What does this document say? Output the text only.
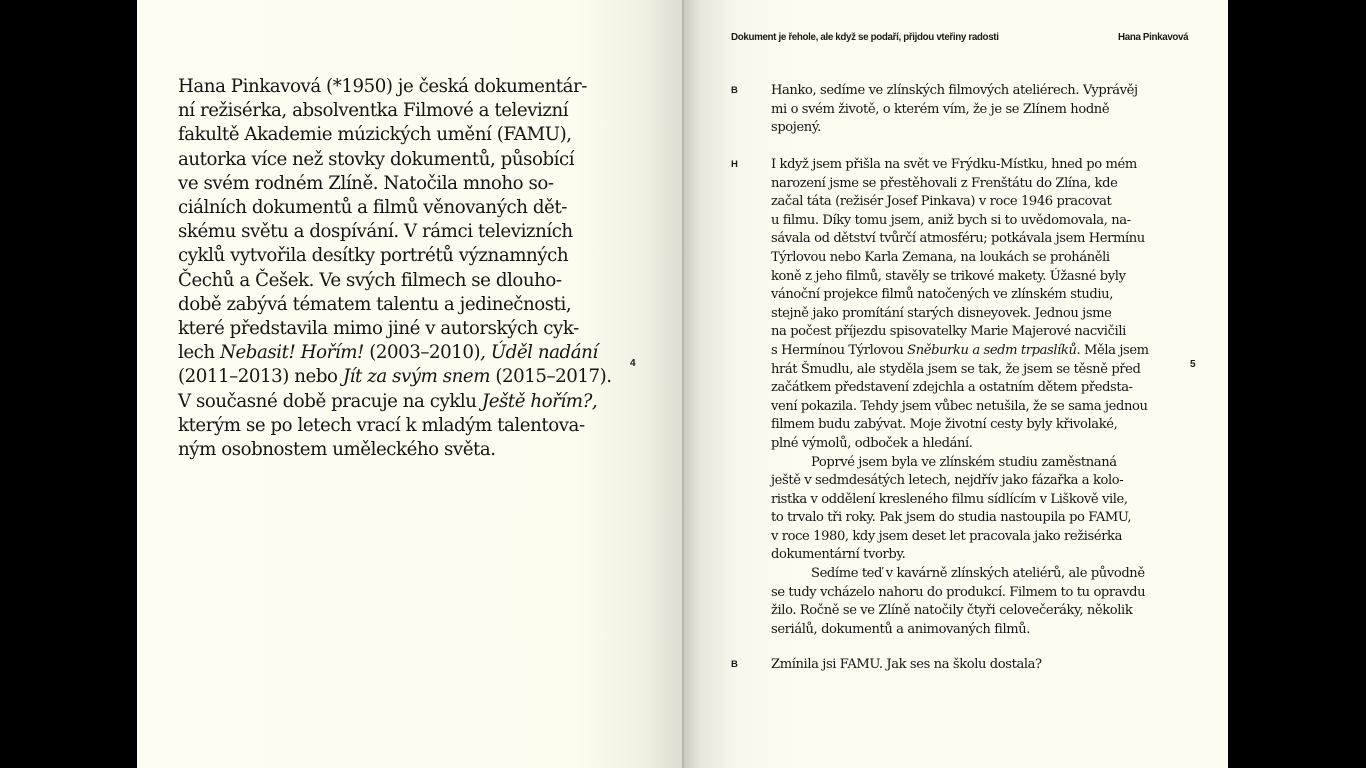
Hana Pinkavová (*1950) je česká dokumentár-
ní režisérka, absolventka Filmové a televizní
fakultě Akademie múzických umění (FAMU),
autorka více než stovky dokumentů, působící
ve svém rodném Zlíně. Natočila mnoho so-
ciálních dokumentů a filmů věnovaných dět-
skému světu a dospívání. V rámci televizních
cyklů vytvořila desítky portrétů významných
Čechů a Češek. Ve svých filmech se dlouho-
době zabývá tématem talentu a jedinečnosti,
které představila mimo jiné v autorských cyk-
lech Nebasit! Hořím! (2003–2010), Úděl nadání
(2011–2013) nebo Jít za svým snem (2015–2017).
V současné době pracuje na cyklu Ještě hořím?,
kterým se po letech vrací k mladým talentova-
ným osobnostem uměleckého světa.

4
Dokument je řehole, ale když se podaří, přijdou vteřiny radosti	Hana Pinkavová
B	Hanko, sedíme ve zlínských filmových ateliérech. Vyprávěj
mi o svém životě, o kterém vím, že je se Zlínem hodně
spojený.

H	I když jsem přišla na svět ve Frýdku-Místku, hned po mém
narození jsme se přestěhovali z Frenštátu do Zlína, kde
začal táta (režisér Josef Pinkava) v roce 1946 pracovat
u filmu. Díky tomu jsem, aniž bych si to uvědomovala, na-
sávala od dětství tvůrčí atmosféru; potkávala jsem Hermínu
Týrlovou nebo Karla Zemana, na loukách se proháněli
koně z jeho filmů, stavěly se trikové makety. Úžasné byly
vánoční projekce filmů natočených ve zlínském studiu,
stejně jako promítání starých disneyovek. Jednou jsme
na počest příjezdu spisovatelky Marie Majerové nacvičili
s Hermínou Týrlovou Sněburku a sedm trpaslíků. Měla jsem
hrát Šmudlu, ale styděla jsem se tak, že jsem se těsně před
začátkem představení zdejchla a ostatním dětem předsta-
vení pokazila. Tehdy jsem vůbec netušila, že se sama jednou
filmem budu zabývat. Moje životní cesty byly křivolaké,
plné výmolů, odboček a hledání.
Poprvé jsem byla ve zlínském studiu zaměstnaná
ještě v sedmdesátých letech, nejdřív jako fázařka a kolo-
ristka v oddělení kresleného filmu sídlícím v Liškově vile,
to trvalo tři roky. Pak jsem do studia nastoupila po FAMU,
v roce 1980, kdy jsem deset let pracovala jako režisérka
dokumentární tvorby.
Sedíme teď v kavárně zlínských ateliérů, ale původně
se tudy vcházelo nahoru do produkcí. Filmem to tu opravdu
žilo. Ročně se ve Zlíně natočily čtyři celovečeráky, několik
seriálů, dokumentů a animovaných filmů.

B	Zmínila jsi FAMU. Jak ses na školu dostala?

5
